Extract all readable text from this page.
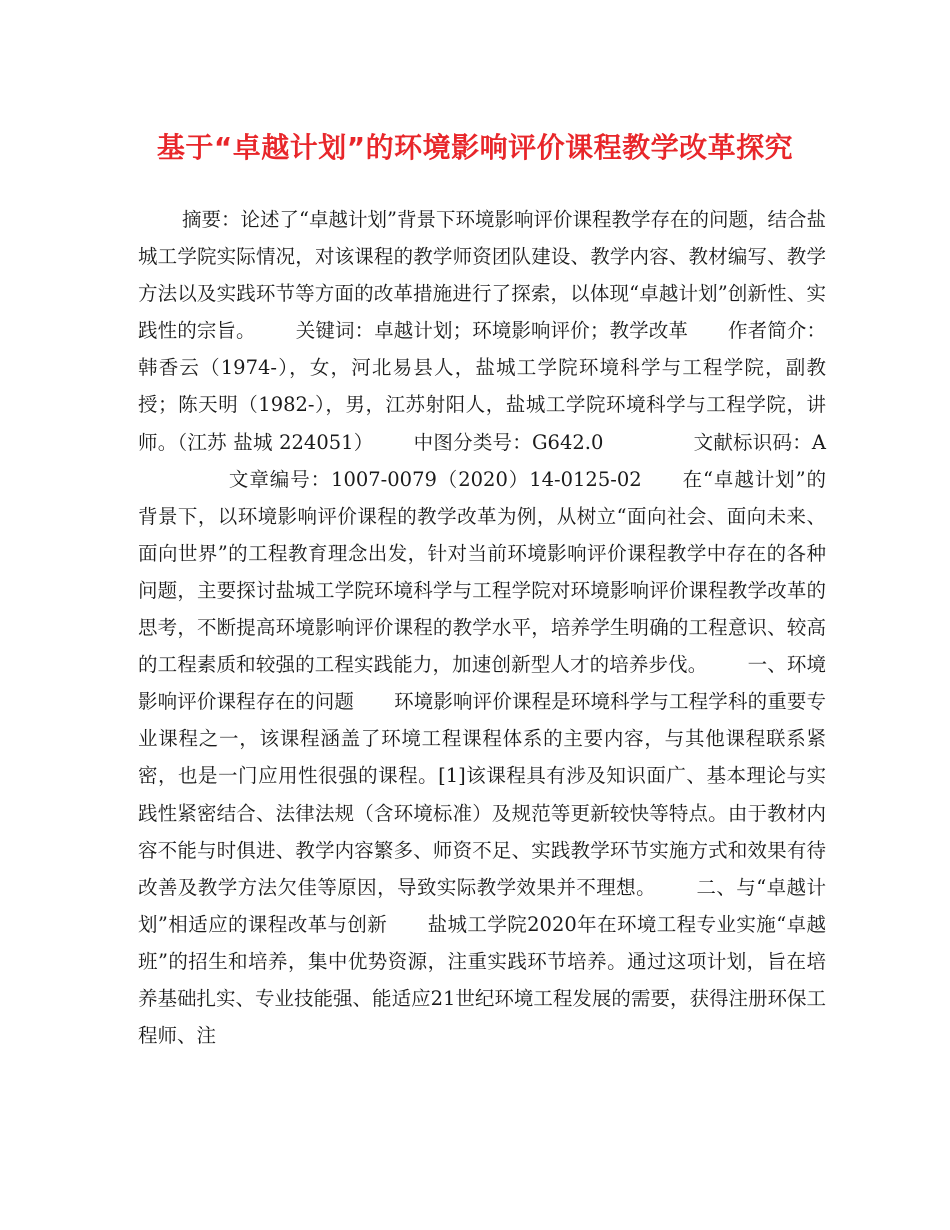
基于“卓越计划”的环境影响评价课程教学改革探究

摘要：论述了“卓越计划”背景下环境影响评价课程教学存在的问题，结合盐城工学院实际情况，对该课程的教学师资团队建设、教学内容、教材编写、教学方法以及实践环节等方面的改革措施进行了探索，以体现“卓越计划”创新性、实践性的宗旨。 关键词：卓越计划；环境影响评价；教学改革 作者简介：韩香云（1974-），女，河北易县人，盐城工学院环境科学与工程学院，副教授；陈天明（1982-），男，江苏射阳人，盐城工学院环境科学与工程学院，讲师。（江苏 盐城 224051） 中图分类号：G642.0	文献标识码：A文章编号：1007-0079（2020）14-0125-02 在“卓越计划”的背景下，以环境影响评价课程的教学改革为例，从树立“面向社会、面向未来、面向世界”的工程教育理念出发，针对当前环境影响评价课程教学中存在的各种问题，主要探讨盐城工学院环境科学与工程学院对环境影响评价课程教学改革的思考，不断提高环境影响评价课程的教学水平，培养学生明确的工程意识、较高的工程素质和较强的工程实践能力，加速创新型人才的培养步伐。 一、环境影响评价课程存在的问题 环境影响评价课程是环境科学与工程学科的重要专业课程之一，该课程涵盖了环境工程课程体系的主要内容，与其他课程联系紧密，也是一门应用性很强的课程。[1]该课程具有涉及知识面广、基本理论与实践性紧密结合、法律法规（含环境标准）及规范等更新较快等特点。由于教材内容不能与时俱进、教学内容繁多、师资不足、实践教学环节实施方式和效果有待改善及教学方法欠佳等原因，导致实际教学效果并不理想。 二、与“卓越计划”相适应的课程改革与创新 盐城工学院2020年在环境工程专业实施“卓越班”的招生和培养，集中优势资源，注重实践环节培养。通过这项计划，旨在培养基础扎实、专业技能强、能适应21世纪环境工程发展的需要，获得注册环保工程师、注
